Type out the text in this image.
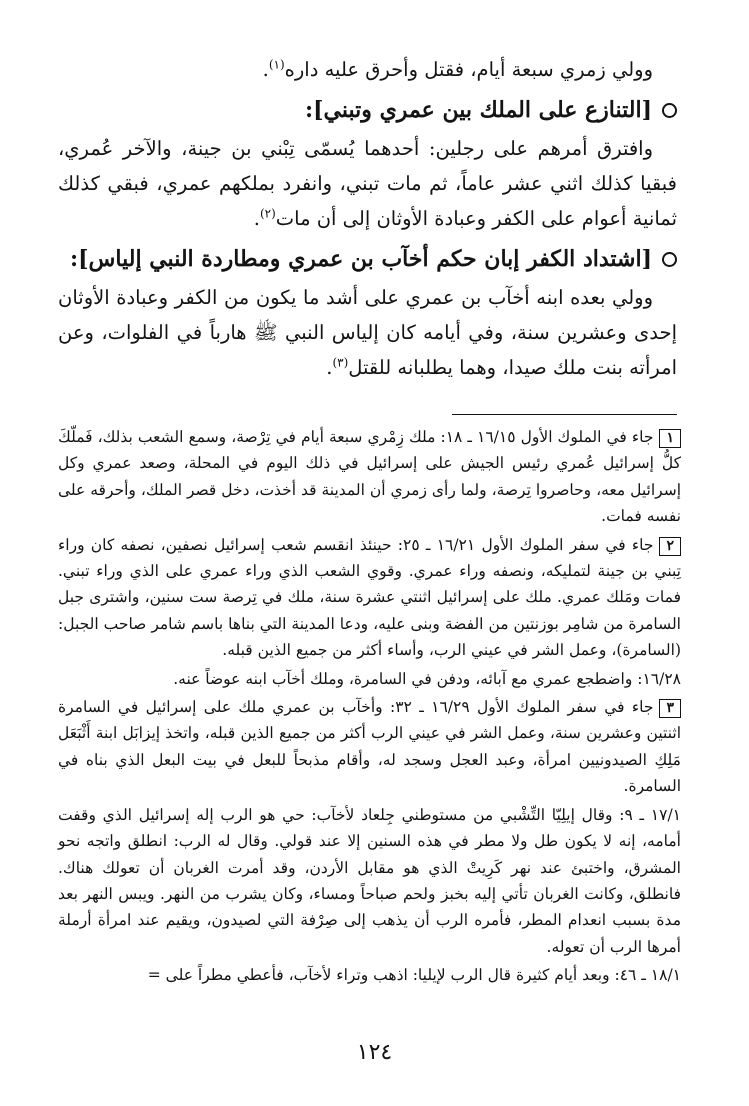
وولي زمري سبعة أيام، فقتل وأحرق عليه داره$^{(١)}$.

[التنازع على الملك بين عمري وتبني]:

وافترق أمرهم على رجلين: أحدهما يُسمّى تِبْني بن جينة، والآخر عُمري، فبقيا كذلك اثني عشر عاماً، ثم مات تبني، وانفرد بملكهم عمري، فبقي كذلك ثمانية أعوام على الكفر وعبادة الأوثان إلى أن مات$^{(٢)}$.

[اشتداد الكفر إبان حكم أخآب بن عمري ومطاردة النبي إلياس]:

وولي بعده ابنه أخآب بن عمري على أشد ما يكون من الكفر وعبادة الأوثان إحدى وعشرين سنة، وفي أيامه كان إلياس النبي ﷺ هارباً في الفلوات، وعن امرأته بنت ملك صيدا، وهما يطلبانه للقتل$^{(٣)}$.

١جاء في الملوك الأول ١٦/١٥ ـ ١٨: ملك زِمْري سبعة أيام في تِرْصة، وسمع الشعب بذلك، فَملّكَ كلُّ إسرائيل عُمري رئيس الجيش على إسرائيل في ذلك اليوم في المحلة، وصعد عمري وكل إسرائيل معه، وحاصروا تِرصة، ولما رأى زمري أن المدينة قد أخذت، دخل قصر الملك، وأحرقه على نفسه فمات.

٢جاء في سفر الملوك الأول ١٦/٢١ ـ ٢٥: حينئذ انقسم شعب إسرائيل نصفين، نصفه كان وراء تِبني بن جينة لتمليكه، ونصفه وراء عمري. وقوي الشعب الذي وراء عمري على الذي وراء تبني. فمات ومَلك عمري. ملك على إسرائيل اثنتي عشرة سنة، ملك في تِرصة ست سنين، واشترى جبل السامرة من شامِر بوزنتين من الفضة وبنى عليه، ودعا المدينة التي بناها باسم شامر صاحب الجبل: (السامرة)، وعمل الشر في عيني الرب، وأساء أكثر من جميع الذين قبله.

١٦/٢٨: واضطجع عمري مع آبائه، ودفن في السامرة، وملك أخآب ابنه عوضاً عنه.

٣جاء في سفر الملوك الأول ١٦/٢٩ ـ ٣٢: وأخآب بن عمري ملك على إسرائيل في السامرة اثنتين وعشرين سنة، وعمل الشر في عيني الرب أكثر من جميع الذين قبله، واتخذ إيزابَل ابنة أَثْبَعَل مَلِكِ الصيدونيين امرأة، وعبد العجل وسجد له، وأقام مذبحاً للبعل في بيت البعل الذي بناه في السامرة.

١٧/١ ـ ٩: وقال إيلِيّا التِّشْبي من مستوطني جِلعاد لأخآب: حي هو الرب إله إسرائيل الذي وقفت أمامه، إنه لا يكون طل ولا مطر في هذه السنين إلا عند قولي. وقال له الرب: انطلق واتجه نحو المشرق، واختبئ عند نهر كَرِيتْ الذي هو مقابل الأردن، وقد أمرت الغربان أن تعولك هناك. فانطلق، وكانت الغربان تأتي إليه بخبز ولحم صباحاً ومساء، وكان يشرب من النهر. ويبس النهر بعد مدة بسبب انعدام المطر، فأمره الرب أن يذهب إلى صِرْفة التي لصيدون، ويقيم عند امرأة أرملة أمرها الرب أن تعوله.

١٨/١ ـ ٤٦: وبعد أيام كثيرة قال الرب لإيليا: اذهب وتراء لأخآب، فأعطي مطراً على =

١٢٤
